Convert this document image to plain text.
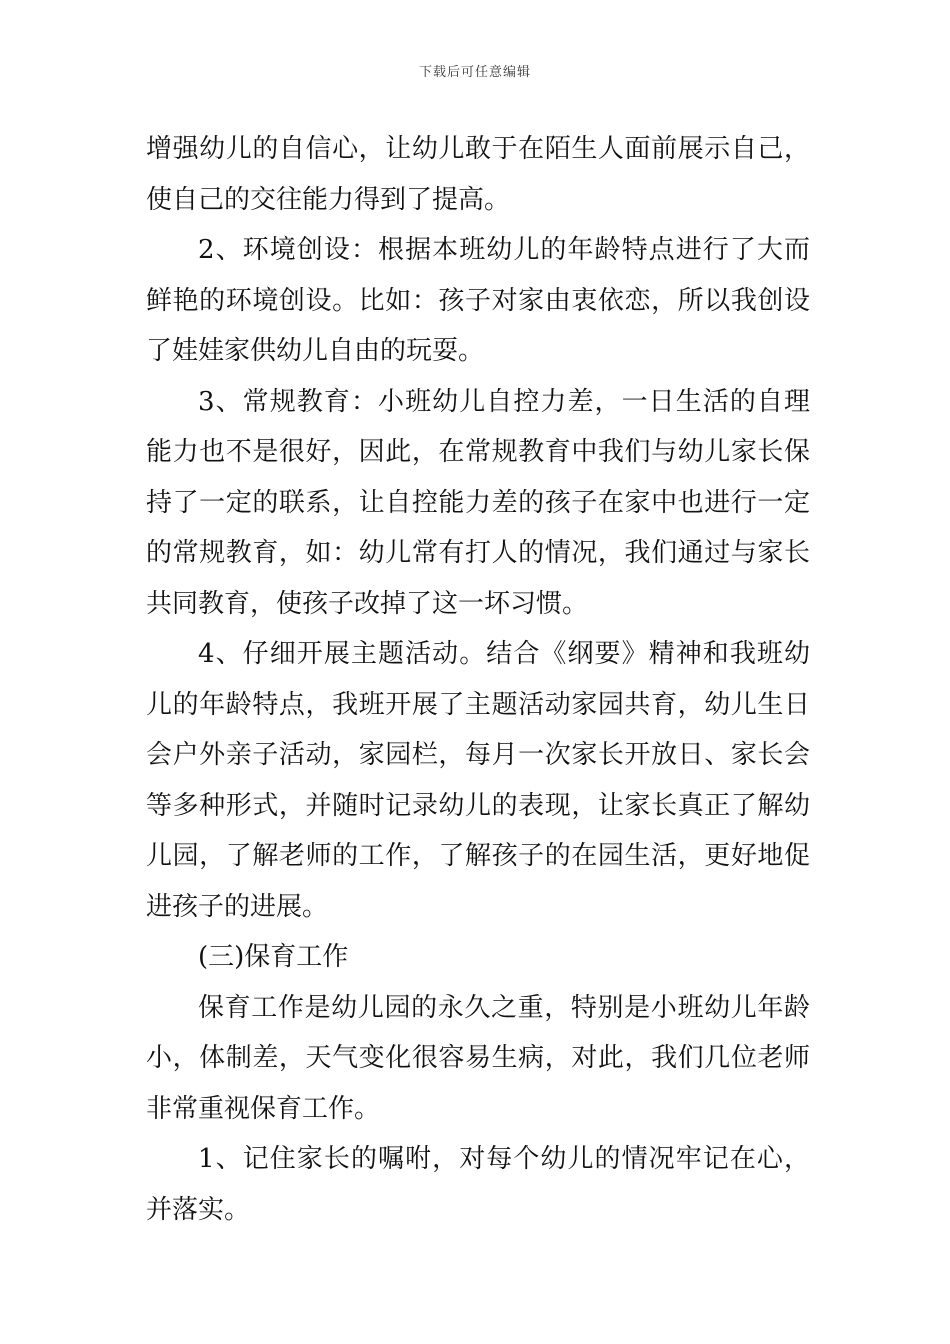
下载后可任意编辑

增强幼儿的自信心，让幼儿敢于在陌生人面前展示自己，使自己的交往能力得到了提高。

2、环境创设：根据本班幼儿的年龄特点进行了大而鲜艳的环境创设。比如：孩子对家由衷依恋，所以我创设了娃娃家供幼儿自由的玩耍。

3、常规教育：小班幼儿自控力差，一日生活的自理能力也不是很好，因此，在常规教育中我们与幼儿家长保持了一定的联系，让自控能力差的孩子在家中也进行一定的常规教育，如：幼儿常有打人的情况，我们通过与家长共同教育，使孩子改掉了这一坏习惯。

4、仔细开展主题活动。结合《纲要》精神和我班幼儿的年龄特点，我班开展了主题活动家园共育，幼儿生日会户外亲子活动，家园栏，每月一次家长开放日、家长会等多种形式，并随时记录幼儿的表现，让家长真正了解幼儿园，了解老师的工作，了解孩子的在园生活，更好地促进孩子的进展。

(三)保育工作

保育工作是幼儿园的永久之重，特别是小班幼儿年龄小，体制差，天气变化很容易生病，对此，我们几位老师非常重视保育工作。

1、记住家长的嘱咐，对每个幼儿的情况牢记在心，并落实。
